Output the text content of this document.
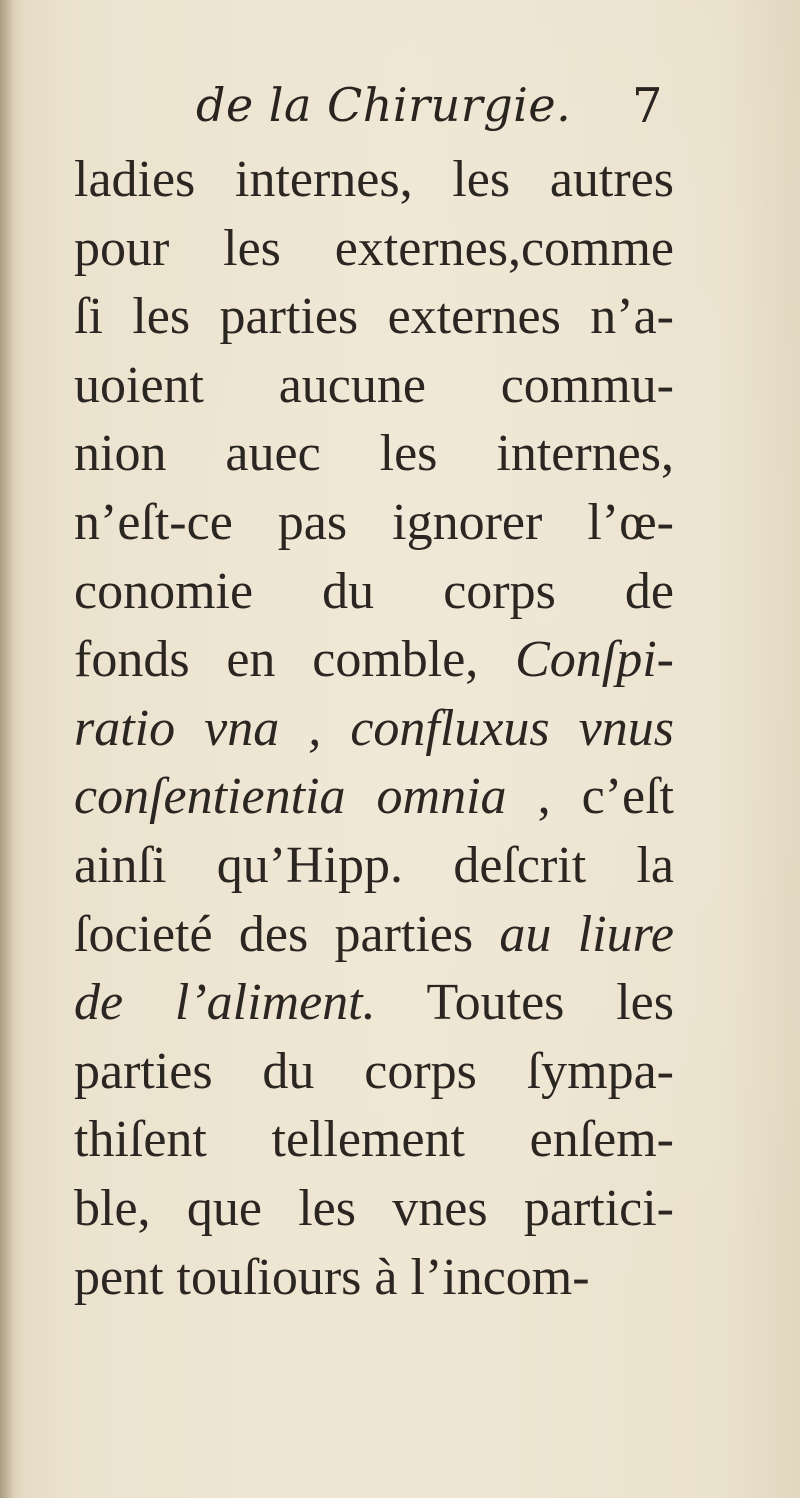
de la Chirurgie. 7
ladies internes, les autres
pour les externes,comme
ſi les parties externes n’a-
uoient aucune commu-
nion auec les internes,
n’eſt-ce pas ignorer l’œ-
conomie du corps de
fonds en comble, Conſpi-
ratio vna , confluxus vnus
conſentientia omnia , c’eſt
ainſi qu’Hipp. deſcrit la
ſocieté des parties au liure
de l’aliment. Toutes les
parties du corps ſympa-
thiſent tellement enſem-
ble, que les vnes partici-
pent touſiours à l’incom-
